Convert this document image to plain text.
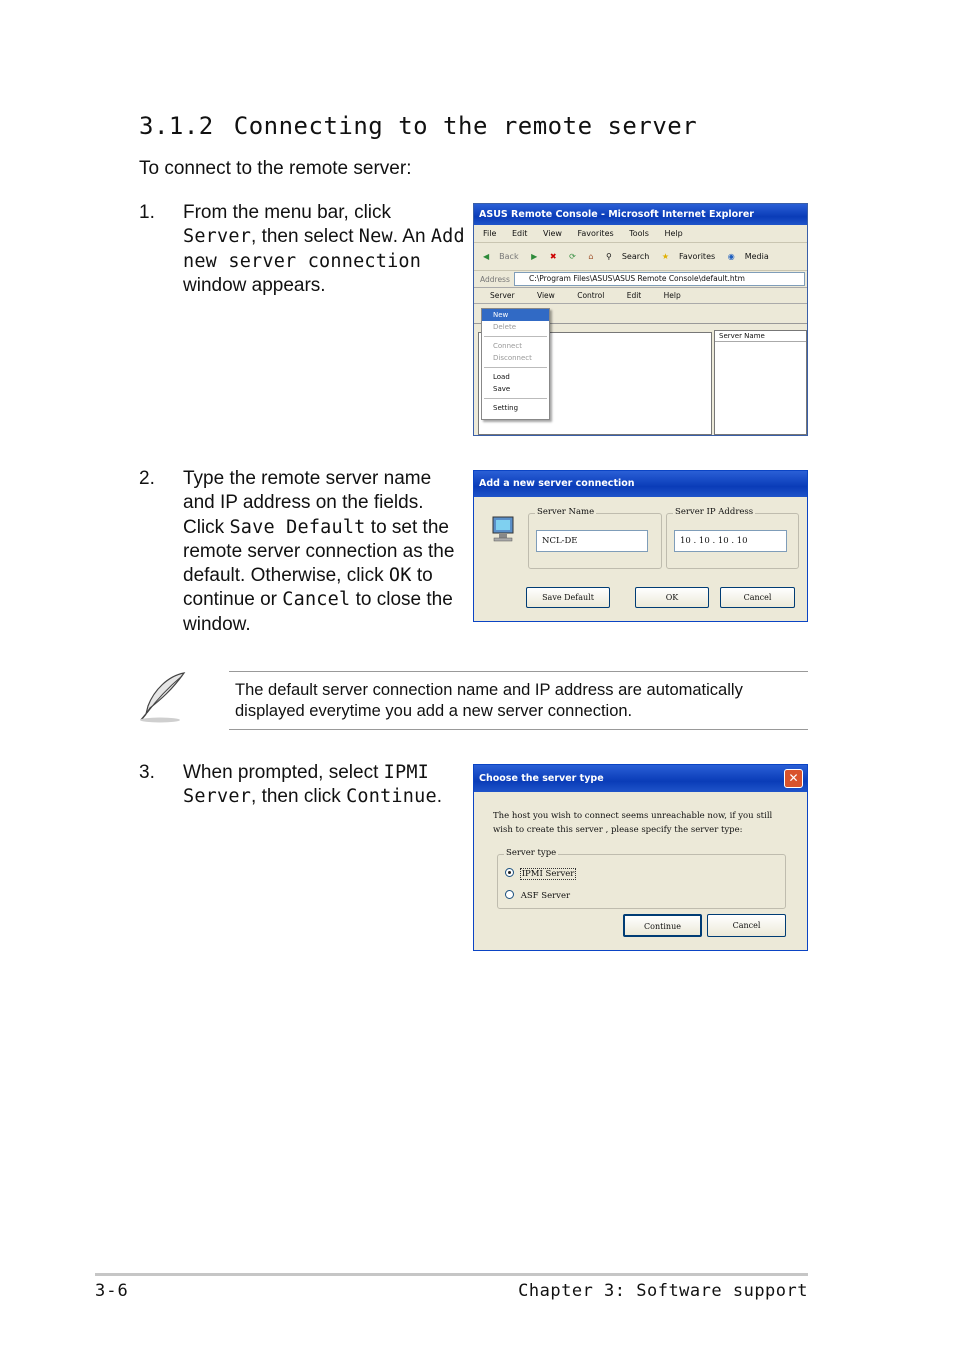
3.1.2 Connecting to the remote server
To connect to the remote server:
1. From the menu bar, click Server, then select New. An Add new server connection window appears.
ASUS Remote Console - Microsoft Internet Explorer
File Edit View Favorites Tools Help
◀ Back ▶ ✖ ⟳ ⌂ ⚲ Search ★ Favorites ◉ Media
Address	C:\Program Files\ASUS\ASUS Remote Console\default.htm
Server	View	Control	Edit	Help
Server Name
New
Delete
Connect
Disconnect
Load
Save
Setting
2. Type the remote server name and IP address on the fields. Click Save Default to set the remote server connection as the default. Otherwise, click OK to continue or Cancel to close the window.
Add a new server connection
Server Name
NCL-DE
Server IP Address
10 . 10 . 10 . 10
Save Default	OK	Cancel
The default server connection name and IP address are automatically displayed everytime you add a new server connection.
3. When prompted, select IPMI Server, then click Continue.
Choose the server type	✕
The host you wish to connect seems unreachable now, if you still wish to create this server , please specify the server type:
Server type
IPMI Server
ASF Server
Continue	Cancel
3-6	Chapter 3: Software support
